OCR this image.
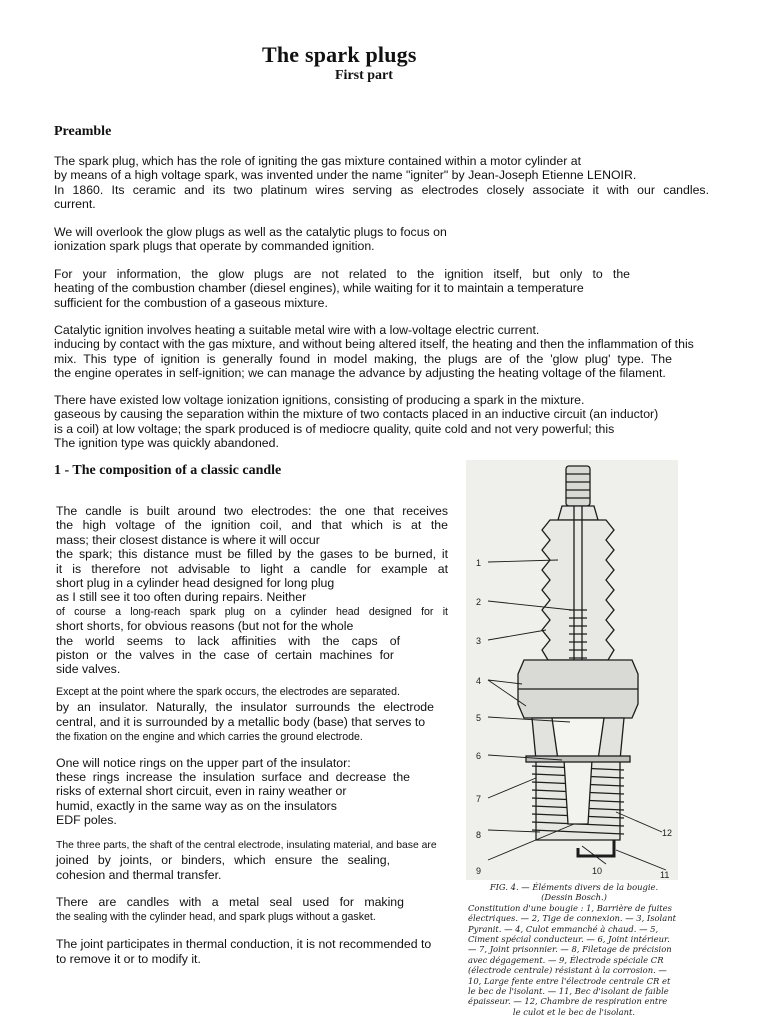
The spark plugs
First part
Preamble
The spark plug, which has the role of igniting the gas mixture contained within a motor cylinder at
by means of a high voltage spark, was invented under the name "igniter" by Jean-Joseph Etienne LENOIR.
In 1860. Its ceramic and its two platinum wires serving as electrodes closely associate it with our candles.
current.
We will overlook the glow plugs as well as the catalytic plugs to focus on
ionization spark plugs that operate by commanded ignition.
For your information, the glow plugs are not related to the ignition itself, but only to the
heating of the combustion chamber (diesel engines), while waiting for it to maintain a temperature
sufficient for the combustion of a gaseous mixture.
Catalytic ignition involves heating a suitable metal wire with a low-voltage electric current.
inducing by contact with the gas mixture, and without being altered itself, the heating and then the inflammation of this
mix. This type of ignition is generally found in model making, the plugs are of the 'glow plug' type. The
the engine operates in self-ignition; we can manage the advance by adjusting the heating voltage of the filament.
There have existed low voltage ionization ignitions, consisting of producing a spark in the mixture.
gaseous by causing the separation within the mixture of two contacts placed in an inductive circuit (an inductor)
is a coil) at low voltage; the spark produced is of mediocre quality, quite cold and not very powerful; this
The ignition type was quickly abandoned.
1 - The composition of a classic candle
The candle is built around two electrodes: the one that receives
the high voltage of the ignition coil, and that which is at the
mass; their closest distance is where it will occur
the spark; this distance must be filled by the gases to be burned, it
it is therefore not advisable to light a candle for example at
short plug in a cylinder head designed for long plug
as I still see it too often during repairs. Neither
of course a long-reach spark plug on a cylinder head designed for it
short shorts, for obvious reasons (but not for the whole
the world seems to lack affinities with the caps of
piston or the valves in the case of certain machines for
side valves.
Except at the point where the spark occurs, the electrodes are separated.
by an insulator. Naturally, the insulator surrounds the electrode
central, and it is surrounded by a metallic body (base) that serves to
the fixation on the engine and which carries the ground electrode.
One will notice rings on the upper part of the insulator:
these rings increase the insulation surface and decrease the
risks of external short circuit, even in rainy weather or
humid, exactly in the same way as on the insulators
EDF poles.
The three parts, the shaft of the central electrode, insulating material, and base are
joined by joints, or binders, which ensure the sealing,
cohesion and thermal transfer.
There are candles with a metal seal used for making
the sealing with the cylinder head, and spark plugs without a gasket.
The joint participates in thermal conduction, it is not recommended to
to remove it or to modify it.
1
2
3
4
5
6
7
8
9	10	11
12
FIG. 4. — Éléments divers de la bougie.
(Dessin Bosch.)
Constitution d'une bougie : 1, Barrière de fuites
électriques. — 2, Tige de connexion. — 3, Isolant
Pyranit. — 4, Culot emmanché à chaud. — 5,
Ciment spécial conducteur. — 6, Joint intérieur.
— 7, Joint prisonnier. — 8, Filetage de précision
avec dégagement. — 9, Électrode spéciale CR
(électrode centrale) résistant à la corrosion. —
10, Large fente entre l'électrode centrale CR et
le bec de l'isolant. — 11, Bec d'isolant de faible
épaisseur. — 12, Chambre de respiration entre
le culot et le bec de l'isolant.
